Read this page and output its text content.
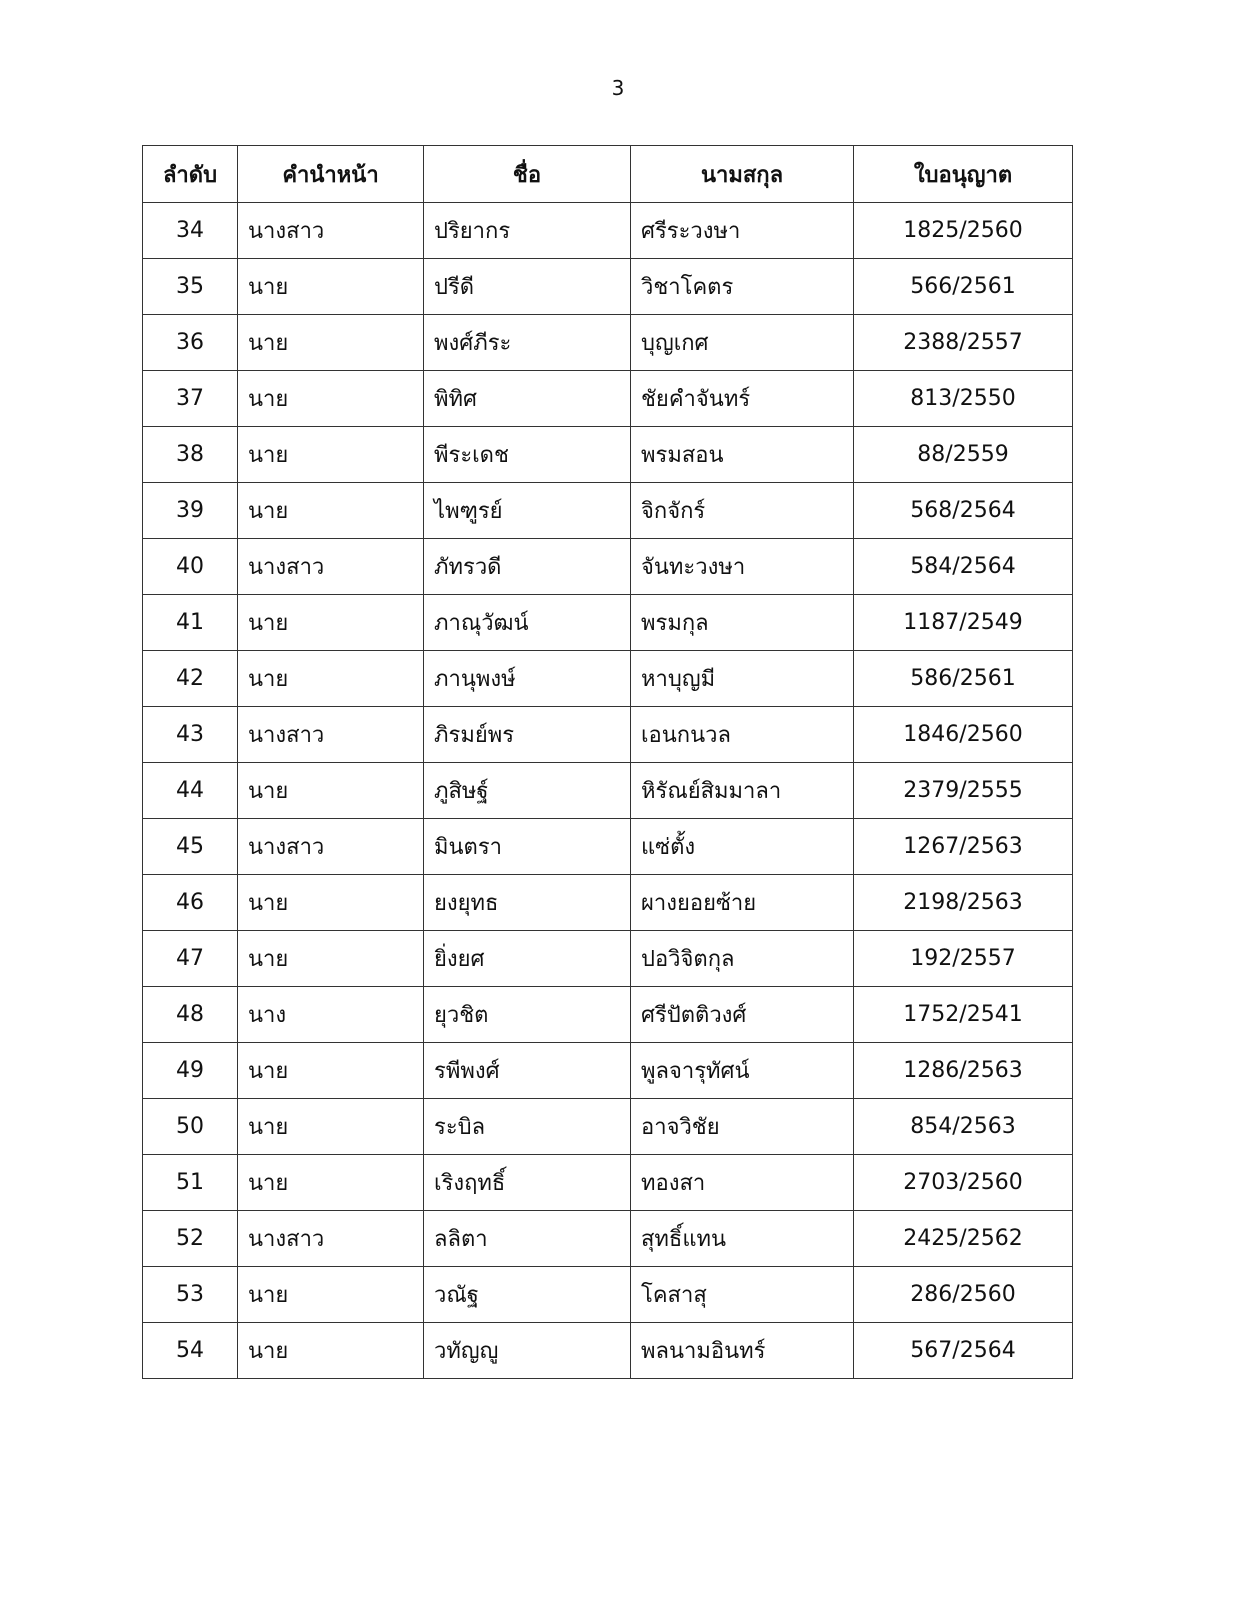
3
ลำดับ	คำนำหน้า	ชื่อ	นามสกุล	ใบอนุญาต
34	นางสาว	ปริยากร	ศรีระวงษา	1825/2560
35	นาย	ปรีดี	วิชาโคตร	566/2561
36	นาย	พงศ์ภีระ	บุญเกศ	2388/2557
37	นาย	พิทิศ	ชัยคำจันทร์	813/2550
38	นาย	พีระเดช	พรมสอน	88/2559
39	นาย	ไพฑูรย์	จิกจักร์	568/2564
40	นางสาว	ภัทรวดี	จันทะวงษา	584/2564
41	นาย	ภาณุวัฒน์	พรมกุล	1187/2549
42	นาย	ภานุพงษ์	หาบุญมี	586/2561
43	นางสาว	ภิรมย์พร	เอนกนวล	1846/2560
44	นาย	ภูสิษฐ์	หิรัณย์สิมมาลา	2379/2555
45	นางสาว	มินตรา	แซ่ตั้ง	1267/2563
46	นาย	ยงยุทธ	ผางยอยซ้าย	2198/2563
47	นาย	ยิ่งยศ	ปอวิจิตกุล	192/2557
48	นาง	ยุวชิต	ศรีปัตติวงศ์	1752/2541
49	นาย	รพีพงศ์	พูลจารุทัศน์	1286/2563
50	นาย	ระบิล	อาจวิชัย	854/2563
51	นาย	เริงฤทธิ์	ทองสา	2703/2560
52	นางสาว	ลลิตา	สุทธิ์แทน	2425/2562
53	นาย	วณัฐ	โคสาสุ	286/2560
54	นาย	วทัญญู	พลนามอินทร์	567/2564
